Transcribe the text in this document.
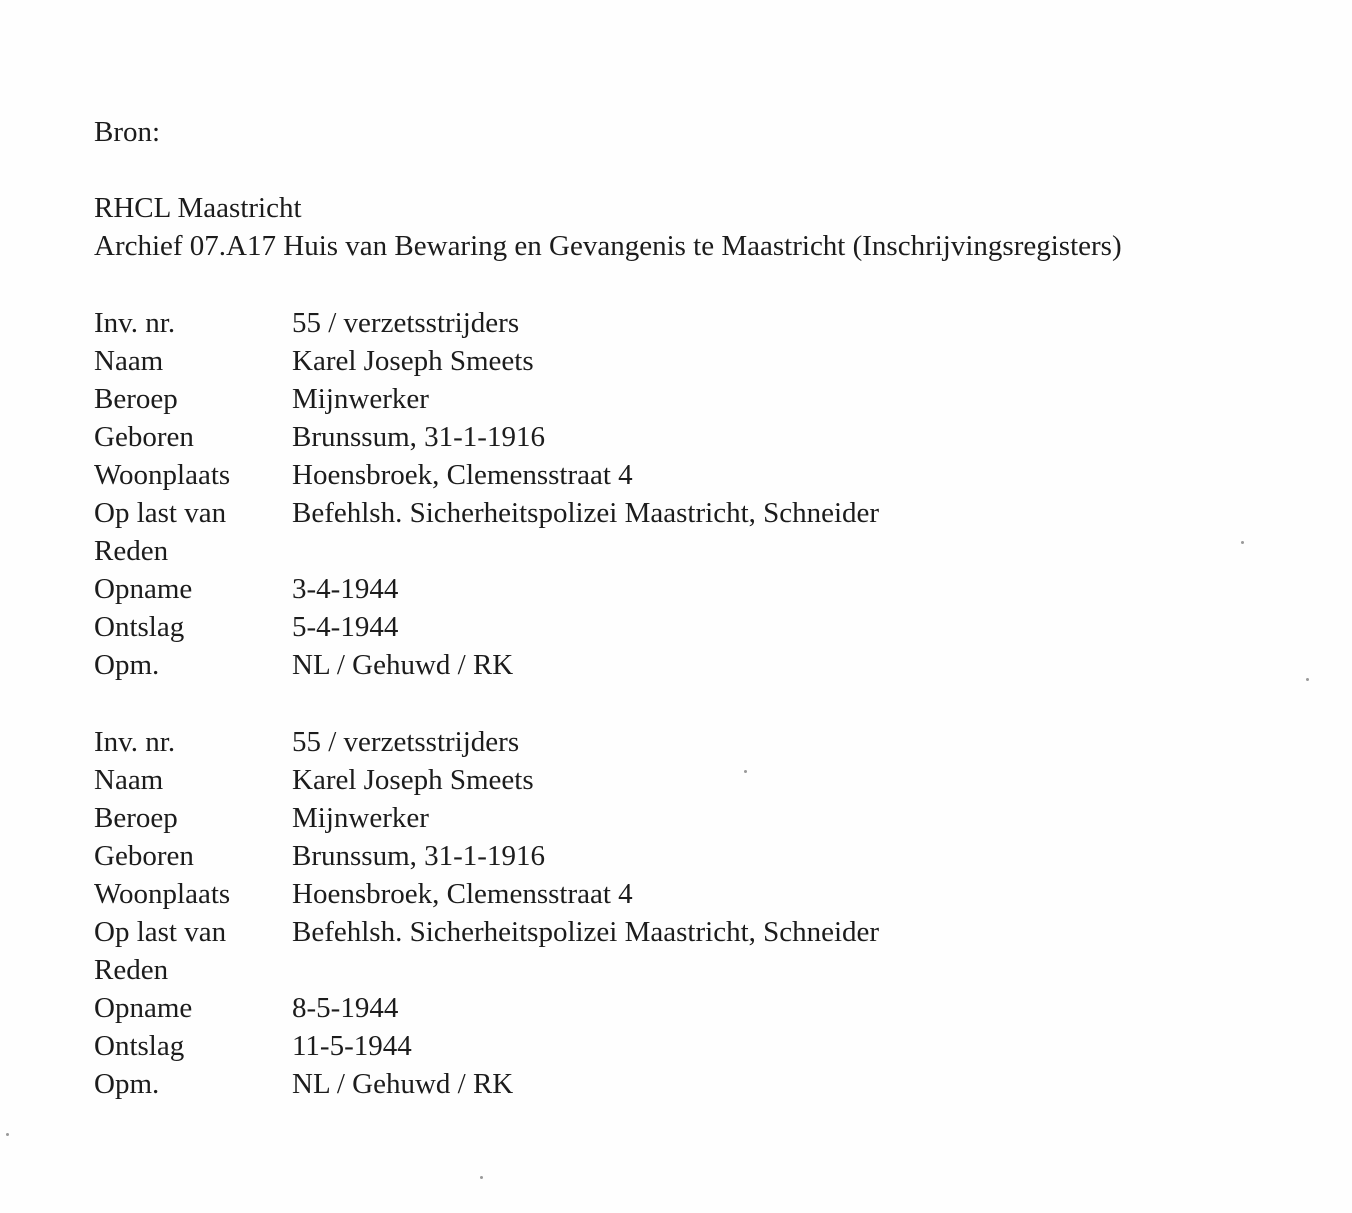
Bron:
RHCL Maastricht
Archief 07.A17 Huis van Bewaring en Gevangenis te Maastricht (Inschrijvingsregisters)
Inv. nr.	55 / verzetsstrijders
Naam	Karel Joseph Smeets
Beroep	Mijnwerker
Geboren	Brunssum, 31-1-1916
Woonplaats	Hoensbroek, Clemensstraat 4
Op last van	Befehlsh. Sicherheitspolizei Maastricht, Schneider
Reden
Opname	3-4-1944
Ontslag	5-4-1944
Opm.	NL / Gehuwd / RK
Inv. nr.	55 / verzetsstrijders
Naam	Karel Joseph Smeets
Beroep	Mijnwerker
Geboren	Brunssum, 31-1-1916
Woonplaats	Hoensbroek, Clemensstraat 4
Op last van	Befehlsh. Sicherheitspolizei Maastricht, Schneider
Reden
Opname	8-5-1944
Ontslag	11-5-1944
Opm.	NL / Gehuwd / RK
